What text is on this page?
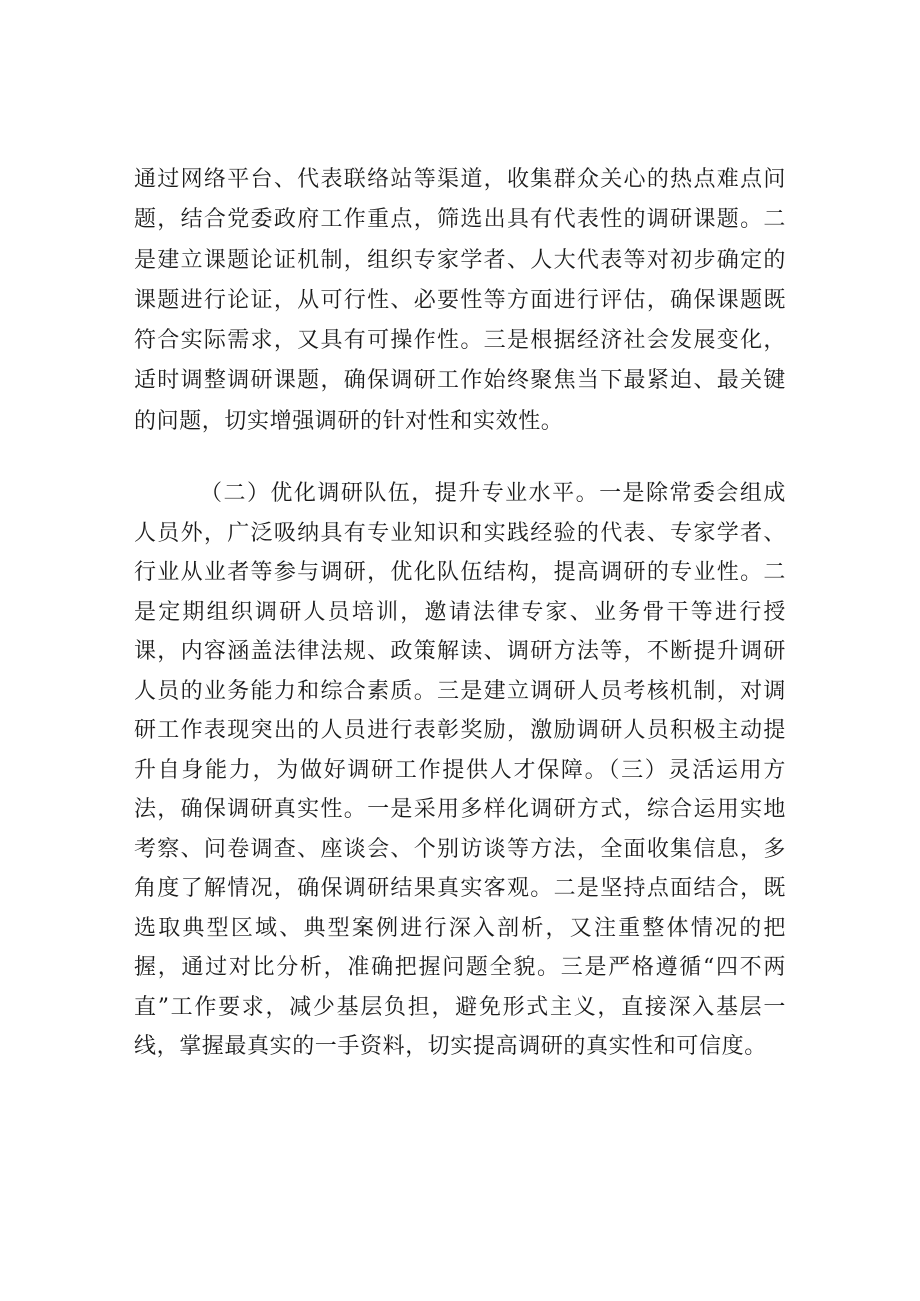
通过网络平台、代表联络站等渠道，收集群众关心的热点难点问题，结合党委政府工作重点，筛选出具有代表性的调研课题。二是建立课题论证机制，组织专家学者、人大代表等对初步确定的课题进行论证，从可行性、必要性等方面进行评估，确保课题既符合实际需求，又具有可操作性。三是根据经济社会发展变化，适时调整调研课题，确保调研工作始终聚焦当下最紧迫、最关键的问题，切实增强调研的针对性和实效性。

（二）优化调研队伍，提升专业水平。一是除常委会组成人员外，广泛吸纳具有专业知识和实践经验的代表、专家学者、行业从业者等参与调研，优化队伍结构，提高调研的专业性。二是定期组织调研人员培训，邀请法律专家、业务骨干等进行授课，内容涵盖法律法规、政策解读、调研方法等，不断提升调研人员的业务能力和综合素质。三是建立调研人员考核机制，对调研工作表现突出的人员进行表彰奖励，激励调研人员积极主动提升自身能力，为做好调研工作提供人才保障。（三）灵活运用方法，确保调研真实性。一是采用多样化调研方式，综合运用实地考察、问卷调查、座谈会、个别访谈等方法，全面收集信息，多角度了解情况，确保调研结果真实客观。二是坚持点面结合，既选取典型区域、典型案例进行深入剖析，又注重整体情况的把握，通过对比分析，准确把握问题全貌。三是严格遵循“四不两直”工作要求，减少基层负担，避免形式主义，直接深入基层一线，掌握最真实的一手资料，切实提高调研的真实性和可信度。
